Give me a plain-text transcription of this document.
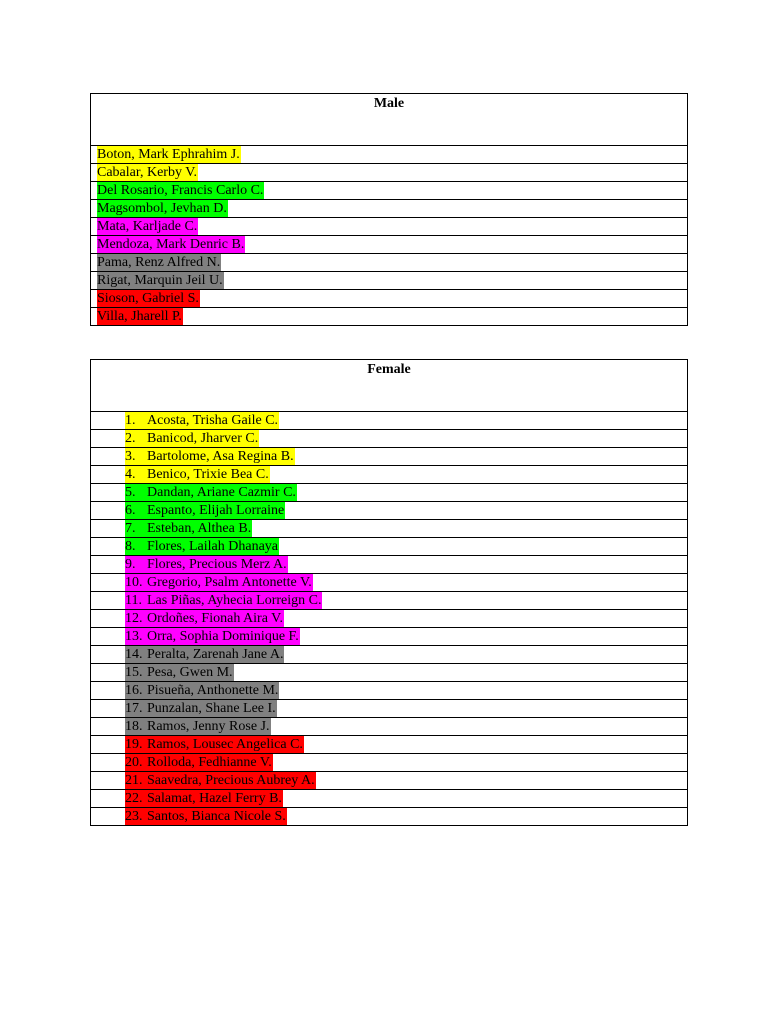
Male
Boton, Mark Ephrahim J.
Cabalar, Kerby V.
Del Rosario, Francis Carlo C.
Magsombol, Jevhan D.
Mata, Karljade C.
Mendoza, Mark Denric B.
Pama, Renz Alfred N.
Rigat, Marquin Jeil U.
Sioson, Gabriel S.
Villa, Jharell P.
Female
1. Acosta, Trisha Gaile C.
2. Banicod, Jharver C.
3. Bartolome, Asa Regina B.
4. Benico, Trixie Bea C.
5. Dandan, Ariane Cazmir C.
6. Espanto, Elijah Lorraine
7. Esteban, Althea B.
8. Flores, Lailah Dhanaya
9. Flores, Precious Merz A.
10. Gregorio, Psalm Antonette V.
11. Las Piñas, Ayhecia Lorreign C.
12. Ordoñes, Fionah Aira V.
13. Orra, Sophia Dominique F.
14. Peralta, Zarenah Jane A.
15. Pesa, Gwen M.
16. Pisueña, Anthonette M.
17. Punzalan, Shane Lee I.
18. Ramos, Jenny Rose J.
19. Ramos, Lousec Angelica C.
20. Rolloda, Fedhianne V.
21. Saavedra, Precious Aubrey A.
22. Salamat, Hazel Ferry B.
23. Santos, Bianca Nicole S.
